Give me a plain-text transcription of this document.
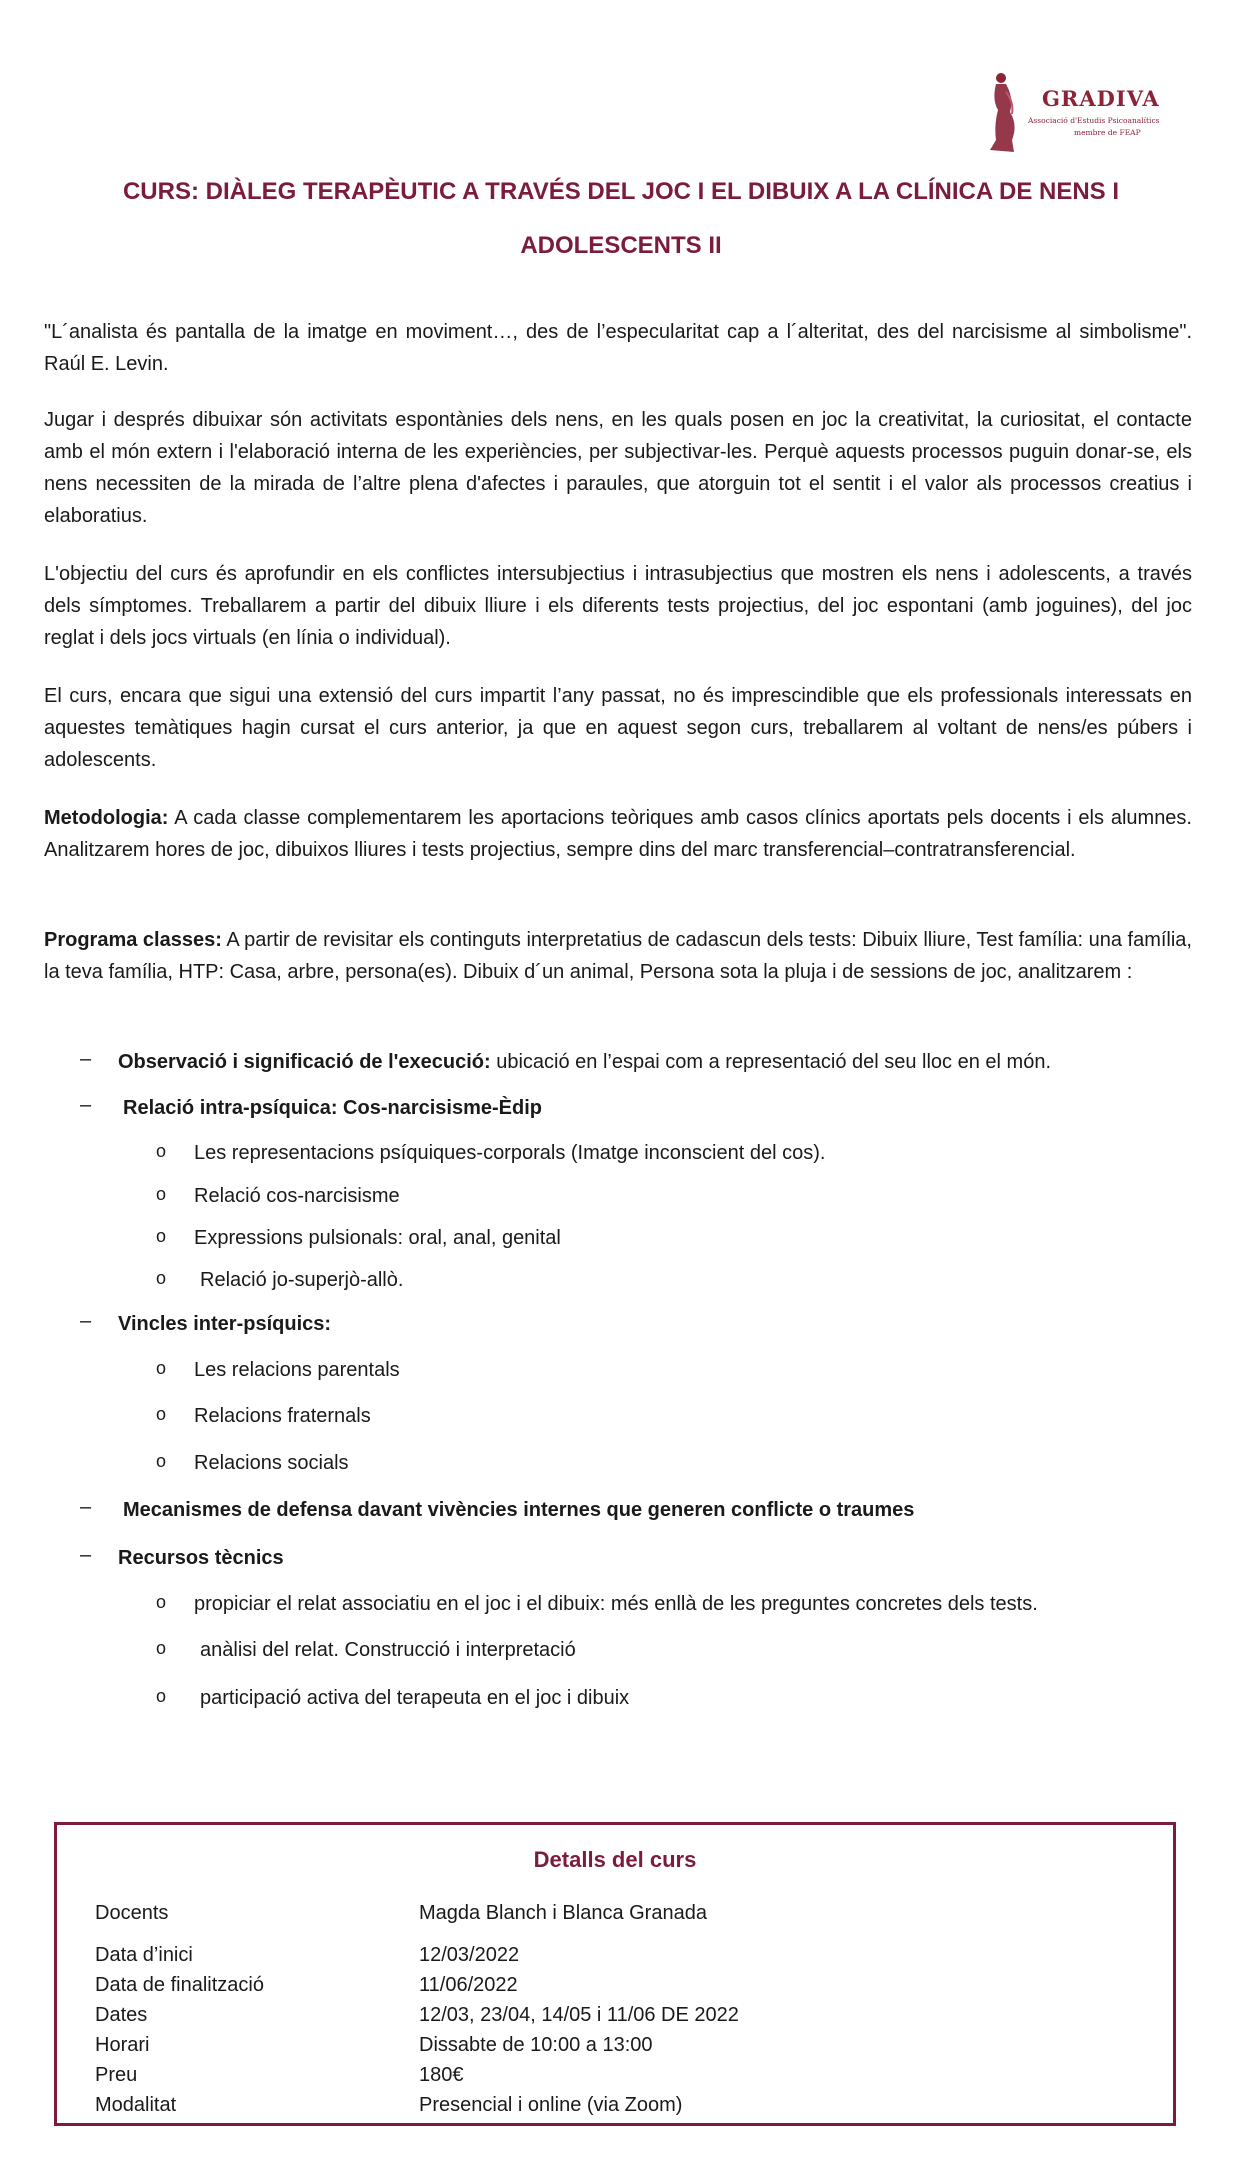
GRADIVA
Associació d'Estudis Psicoanalítics
membre de FEAP
CURS: DIÀLEG TERAPÈUTIC A TRAVÉS DEL JOC I EL DIBUIX A LA CLÍNICA DE NENS I
ADOLESCENTS II
"L´analista és pantalla de la imatge en moviment…, des de l’especularitat cap a l´alteritat, des del narcisisme al simbolisme". Raúl E. Levin.
Jugar i després dibuixar són activitats espontànies dels nens, en les quals posen en joc la creativitat, la curiositat, el contacte amb el món extern i l'elaboració interna de les experiències, per subjectivar-les. Perquè aquests processos puguin donar-se, els nens necessiten de la mirada de l’altre plena d'afectes i paraules, que atorguin tot el sentit i el valor als processos creatius i elaboratius.
L'objectiu del curs és aprofundir en els conflictes intersubjectius i intrasubjectius que mostren els nens i adolescents, a través dels símptomes. Treballarem a partir del dibuix lliure i els diferents tests projectius, del joc espontani (amb joguines), del joc reglat i dels jocs virtuals (en línia o individual).
El curs, encara que sigui una extensió del curs impartit l’any passat, no és imprescindible que els professionals interessats en aquestes temàtiques hagin cursat el curs anterior, ja que en aquest segon curs, treballarem al voltant de nens/es púbers i adolescents.
Metodologia: A cada classe complementarem les aportacions teòriques amb casos clínics aportats pels docents i els alumnes. Analitzarem hores de joc, dibuixos lliures i tests projectius, sempre dins del marc transferencial–contratransferencial.
Programa classes: A partir de revisitar els continguts interpretatius de cadascun dels tests: Dibuix lliure, Test família: una família, la teva família, HTP: Casa, arbre, persona(es). Dibuix d´un animal, Persona sota la pluja i de sessions de joc, analitzarem :
– Observació i significació de l'execució: ubicació en l’espai com a representació del seu lloc en el món.
– Relació intra-psíquica: Cos-narcisisme-Èdip
o Les representacions psíquiques-corporals (Imatge inconscient del cos).
o Relació cos-narcisisme
o Expressions pulsionals: oral, anal, genital
o Relació jo-superjò-allò.
– Vincles inter-psíquics:
o Les relacions parentals
o Relacions fraternals
o Relacions socials
– Mecanismes de defensa davant vivències internes que generen conflicte o traumes
– Recursos tècnics
o propiciar el relat associatiu en el joc i el dibuix: més enllà de les preguntes concretes dels tests.
o anàlisi del relat. Construcció i interpretació
o participació activa del terapeuta en el joc i dibuix
Detalls del curs
Docents	Magda Blanch i Blanca Granada
Data d’inici	12/03/2022
Data de finalització	11/06/2022
Dates	12/03, 23/04, 14/05 i 11/06 DE 2022
Horari	Dissabte de 10:00 a 13:00
Preu	180€
Modalitat	Presencial i online (via Zoom)
